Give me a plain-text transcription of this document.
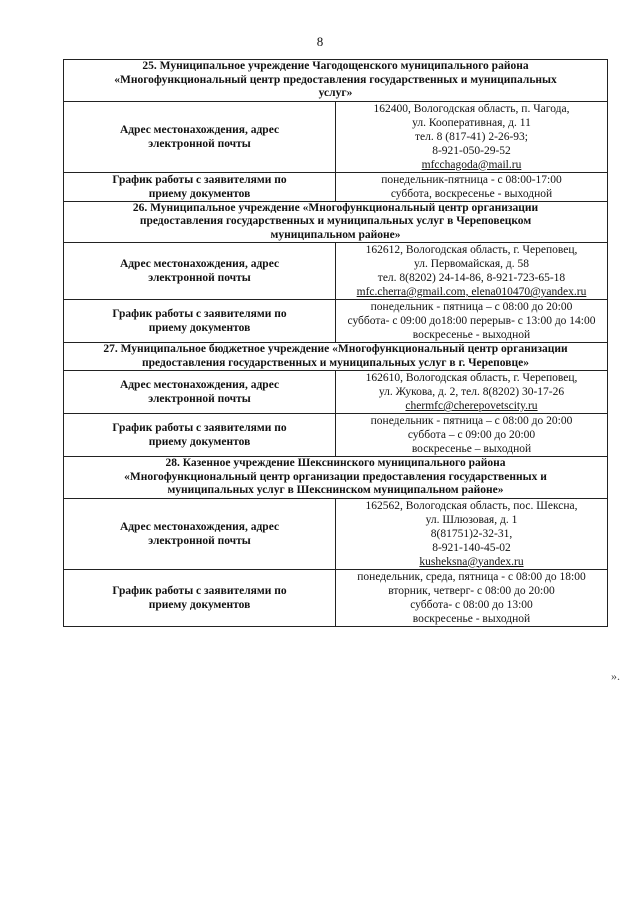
8
25. Муниципальное учреждение Чагодощенского муниципального района
«Многофункциональный центр предоставления государственных и муниципальных
услуг»	

Адрес местонахождения, адрес
электронной почты	162400, Вологодская область, п. Чагода,
ул. Кооперативная, д. 11
тел. 8 (817-41) 2-26-93;
8-921-050-29-52
mfcchagoda@mail.ru

График работы с заявителями по
приему документов	понедельник-пятница - с 08:00-17:00
суббота, воскресенье - выходной

26. Муниципальное учреждение «Многофункциональный центр организации
предоставления государственных и муниципальных услуг в Череповецком
муниципальном районе»	

Адрес местонахождения, адрес
электронной почты	162612, Вологодская область, г. Череповец,
ул. Первомайская, д. 58
тел. 8(8202) 24-14-86, 8-921-723-65-18
mfc.cherra@gmail.com, elena010470@yandex.ru

График работы с заявителями по
приему документов	понедельник - пятница – с 08:00 до 20:00
суббота- с 09:00 до18:00 перерыв- с 13:00 до 14:00
воскресенье - выходной

27. Муниципальное бюджетное учреждение «Многофункциональный центр организации
предоставления государственных и муниципальных услуг в г. Череповце»	

Адрес местонахождения, адрес
электронной почты	162610, Вологодская область, г. Череповец,
ул. Жукова, д. 2, тел. 8(8202) 30-17-26
chermfc@cherepovetscity.ru

График работы с заявителями по
приему документов	понедельник - пятница – с 08:00 до 20:00
суббота – с 09:00 до 20:00
воскресенье – выходной

28. Казенное учреждение Шекснинского муниципального района
«Многофункциональный центр организации предоставления государственных и
муниципальных услуг в Шекснинском муниципальном районе»	

Адрес местонахождения, адрес
электронной почты	162562, Вологодская область, пос. Шексна,
ул. Шлюзовая, д. 1
8(81751)2-32-31,
8-921-140-45-02
kusheksna@yandex.ru

График работы с заявителями по
приему документов	понедельник, среда, пятница - с 08:00 до 18:00
вторник, четверг- с 08:00 до 20:00
суббота- с 08:00 до 13:00
воскресенье - выходной
».
